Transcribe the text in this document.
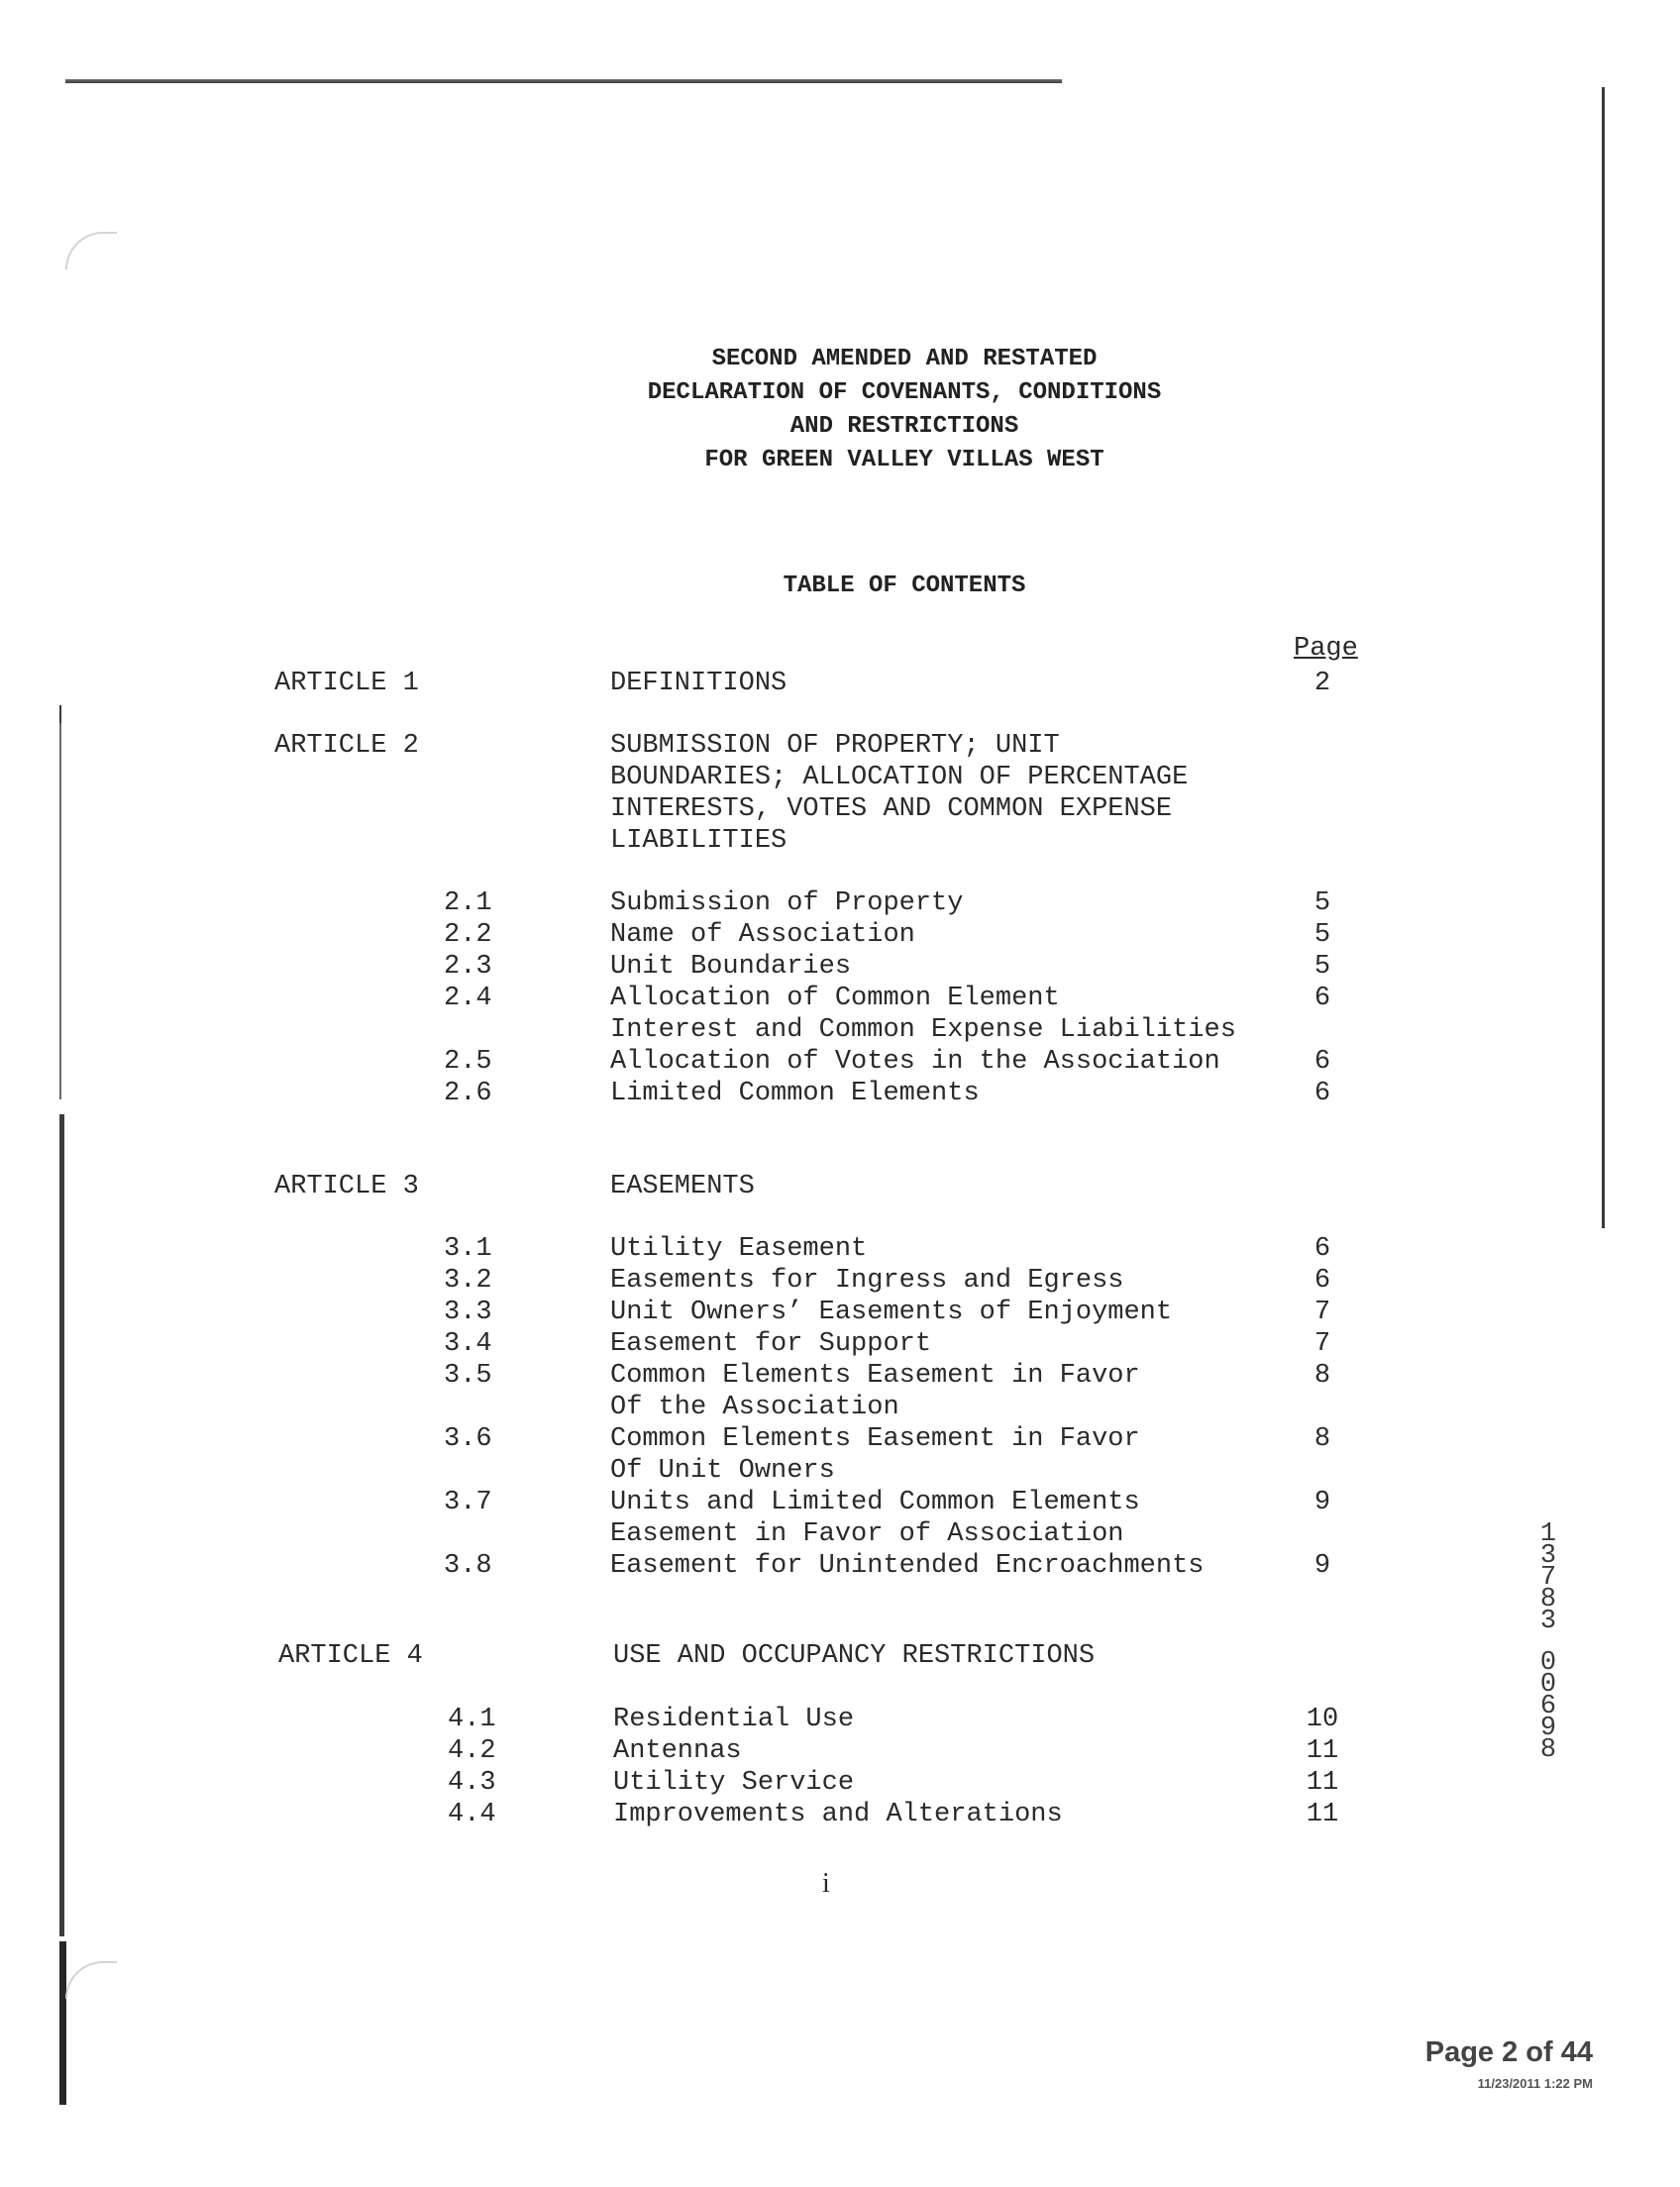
SECOND AMENDED AND RESTATED
DECLARATION OF COVENANTS, CONDITIONS
AND RESTRICTIONS
FOR GREEN VALLEY VILLAS WEST
TABLE OF CONTENTS
Page
ARTICLE 1	DEFINITIONS	2
ARTICLE 2	SUBMISSION OF PROPERTY; UNIT
BOUNDARIES; ALLOCATION OF PERCENTAGE
INTERESTS, VOTES AND COMMON EXPENSE
LIABILITIES
2.1	Submission of Property	5
2.2	Name of Association	5
2.3	Unit Boundaries	5
2.4	Allocation of Common Element	6
Interest and Common Expense Liabilities
2.5	Allocation of Votes in the Association	6
2.6	Limited Common Elements	6
ARTICLE 3	EASEMENTS
3.1	Utility Easement	6
3.2	Easements for Ingress and Egress	6
3.3	Unit Owners’ Easements of Enjoyment	7
3.4	Easement for Support	7
3.5	Common Elements Easement in Favor	8
Of the Association
3.6	Common Elements Easement in Favor	8
Of Unit Owners
3.7	Units and Limited Common Elements	9
Easement in Favor of Association
3.8	Easement for Unintended Encroachments	9
ARTICLE 4	USE AND OCCUPANCY RESTRICTIONS
4.1	Residential Use	10
4.2	Antennas	11
4.3	Utility Service	11
4.4	Improvements and Alterations	11
i
1
3
7
8
3
0
0
6
9
8
Page 2 of 44
11/23/2011 1:22 PM
